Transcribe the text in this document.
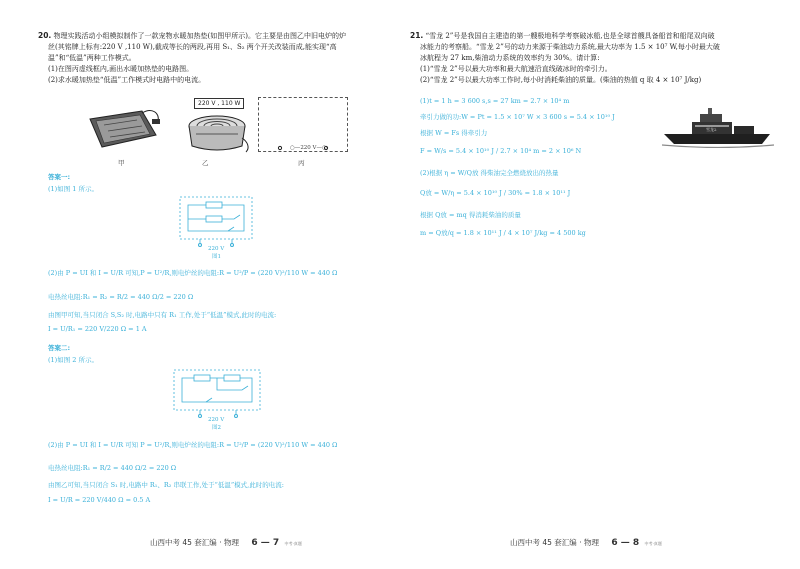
20. 物理实践活动小组模拟制作了一款宠物水暖加热垫(如图甲所示)。它主要是由图乙中旧电炉的炉
丝(其铭牌上标有:220 V ,110 W),截成等长的两段,再用 S₁、S₂ 两个开关改装而成,能实现“高
温”和“低温”两种工作模式。
(1)在图丙虚线框内,画出水暖加热垫的电路图。
(2)求水暖加热垫“低温”工作模式时电路中的电流。
甲
220 V , 110 W
乙
○—220 V—○
丙
答案一:
(1)如图 1 所示。
220 V
图1
(2)由 P = UI 和 I = U/R 可知,P = U²/R,则电炉丝的电阻:R = U²/P = (220 V)²/110 W = 440 Ω
电热丝电阻:R₁ = R₂ = R/2 = 440 Ω/2 = 220 Ω
由图甲可知,当只闭合 S,S₂ 时,电路中只有 R₁ 工作,处于“低温”模式,此时的电流:
I = U/R₁ = 220 V/220 Ω = 1 A
答案二:
(1)如图 2 所示。
220 V
图2
(2)由 P = UI 和 I = U/R 可知 P = U²/R,则电炉丝的电阻:R = U²/P = (220 V)²/110 W = 440 Ω
电热丝电阻:R₁ = R/2 = 440 Ω/2 = 220 Ω
由图乙可知,当只闭合 S₁ 时,电路中 R₁、R₂ 串联工作,处于“低温”模式,此时的电流:
I = U/R = 220 V/440 Ω = 0.5 A
山西中考 45 套汇编 · 物理 6 — 7 中考·真题
21. “雪龙 2”号是我国自主建造的第一艘极地科学考察破冰船,也是全球首艘具备船首和船尾双向破
冰能力的考察船。“雪龙 2”号的动力来源于柴油动力系统,最大功率为 1.5 × 10⁷ W,每小时最大破
冰航程为 27 km,柴油动力系统的效率约为 30%。请计算:
(1)“雪龙 2”号以最大功率和最大航速沿直线破冰时的牵引力。
(2)“雪龙 2”号以最大功率工作时,每小时消耗柴油的质量。(柴油的热值 q 取 4 × 10⁷ J/kg)
(1)t = 1 h = 3 600 s,s = 27 km = 2.7 × 10⁴ m
牵引力做的功:W = Pt = 1.5 × 10⁷ W × 3 600 s = 5.4 × 10¹⁰ J
根据 W = Fs 得牵引力
F = W/s = 5.4 × 10¹⁰ J / 2.7 × 10⁴ m = 2 × 10⁶ N
(2)根据 η = W/Q放 得柴油完全燃烧放出的热量
Q放 = W/η = 5.4 × 10¹⁰ J / 30% = 1.8 × 10¹¹ J
根据 Q放 = mq 得消耗柴油的质量
m = Q放/q = 1.8 × 10¹¹ J / 4 × 10⁷ J/kg = 4 500 kg
雪龙2
山西中考 45 套汇编 · 物理 6 — 8 中考·真题
